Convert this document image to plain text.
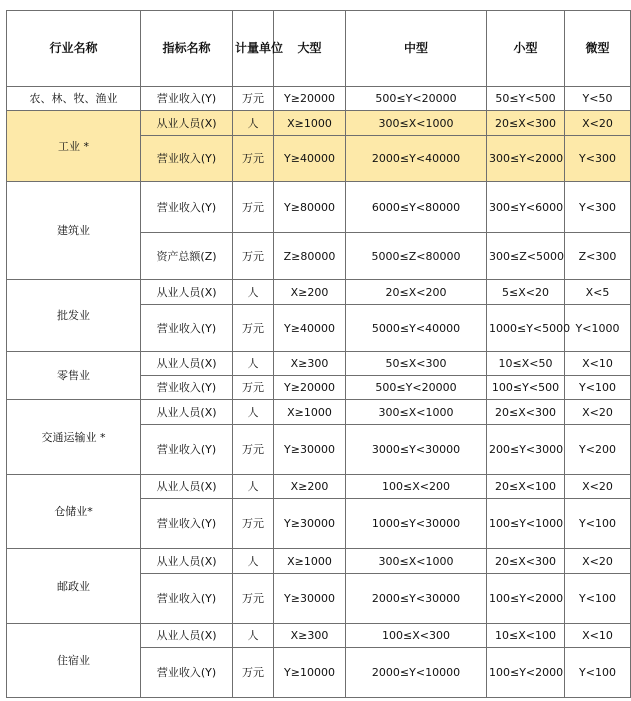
行业名称	指标名称	计量单位	大型	中型	小型	微型
农、林、牧、渔业	营业收入(Y)	万元	Y≥20000	500≤Y<20000	50≤Y<500	Y<50
工业 *	从业人员(X)	人	X≥1000	300≤X<1000	20≤X<300	X<20
	营业收入(Y)	万元	Y≥40000	2000≤Y<40000	300≤Y<2000	Y<300
建筑业	营业收入(Y)	万元	Y≥80000	6000≤Y<80000	300≤Y<6000	Y<300
	资产总额(Z)	万元	Z≥80000	5000≤Z<80000	300≤Z<5000	Z<300
批发业	从业人员(X)	人	X≥200	20≤X<200	5≤X<20	X<5
	营业收入(Y)	万元	Y≥40000	5000≤Y<40000	1000≤Y<5000	Y<1000
零售业	从业人员(X)	人	X≥300	50≤X<300	10≤X<50	X<10
	营业收入(Y)	万元	Y≥20000	500≤Y<20000	100≤Y<500	Y<100
交通运输业 *	从业人员(X)	人	X≥1000	300≤X<1000	20≤X<300	X<20
	营业收入(Y)	万元	Y≥30000	3000≤Y<30000	200≤Y<3000	Y<200
仓储业*	从业人员(X)	人	X≥200	100≤X<200	20≤X<100	X<20
	营业收入(Y)	万元	Y≥30000	1000≤Y<30000	100≤Y<1000	Y<100
邮政业	从业人员(X)	人	X≥1000	300≤X<1000	20≤X<300	X<20
	营业收入(Y)	万元	Y≥30000	2000≤Y<30000	100≤Y<2000	Y<100
住宿业	从业人员(X)	人	X≥300	100≤X<300	10≤X<100	X<10
	营业收入(Y)	万元	Y≥10000	2000≤Y<10000	100≤Y<2000	Y<100
